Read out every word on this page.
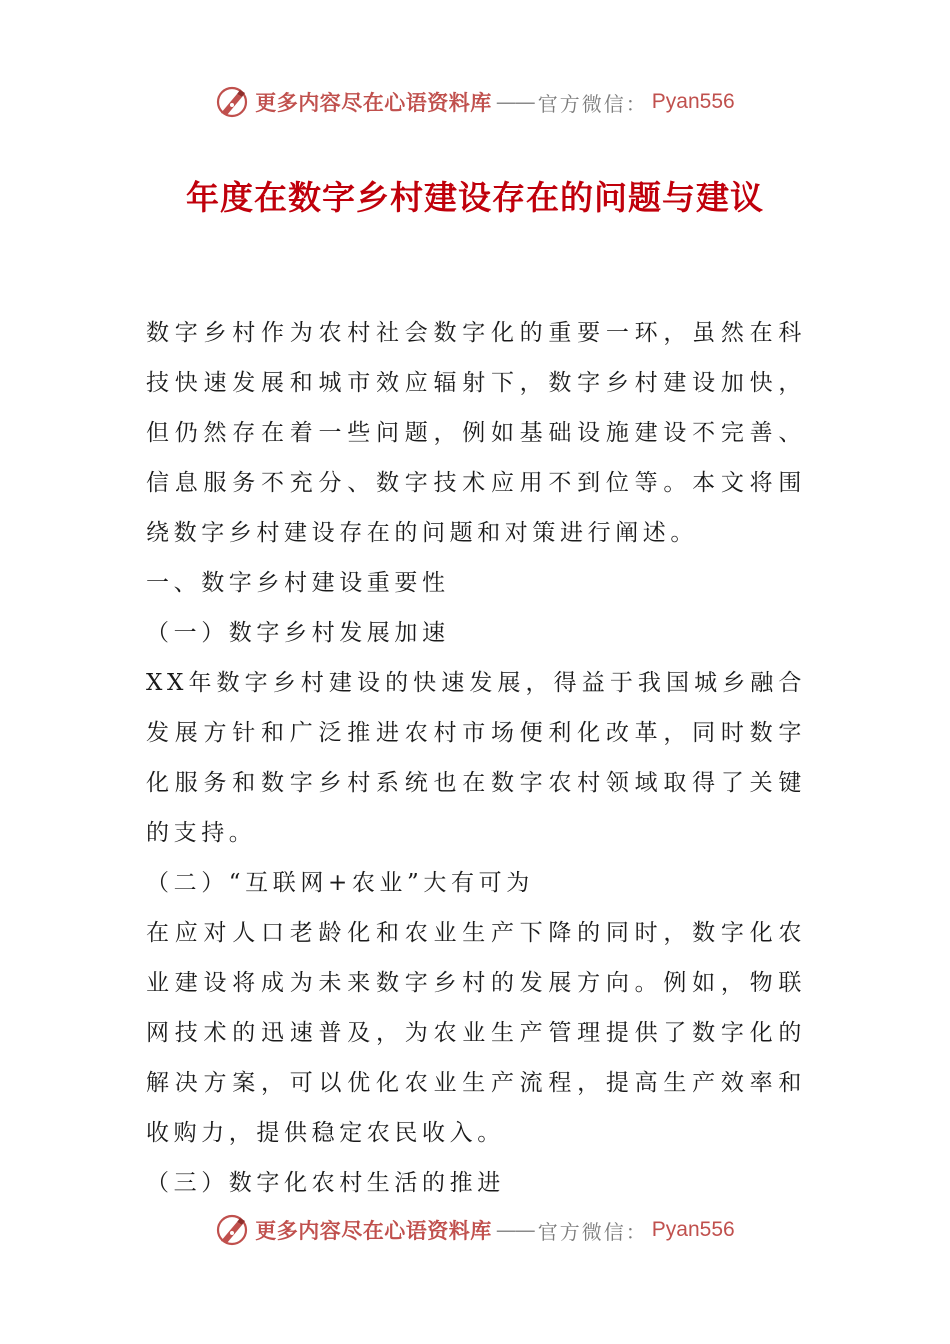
更多内容尽在心语资料库 —— 官方微信： Pyan556
年度在数字乡村建设存在的问题与建议

数字乡村作为农村社会数字化的重要一环，虽然在科技快速发展和城市效应辐射下，数字乡村建设加快，但仍然存在着一些问题，例如基础设施建设不完善、信息服务不充分、数字技术应用不到位等。本文将围绕数字乡村建设存在的问题和对策进行阐述。

一、数字乡村建设重要性

（一）数字乡村发展加速

XX年数字乡村建设的快速发展，得益于我国城乡融合发展方针和广泛推进农村市场便利化改革，同时数字化服务和数字乡村系统也在数字农村领域取得了关键的支持。

（二）“互联网+农业”大有可为

在应对人口老龄化和农业生产下降的同时，数字化农业建设将成为未来数字乡村的发展方向。例如，物联网技术的迅速普及，为农业生产管理提供了数字化的解决方案，可以优化农业生产流程，提高生产效率和收购力，提供稳定农民收入。

（三）数字化农村生活的推进

更多内容尽在心语资料库 —— 官方微信： Pyan556
